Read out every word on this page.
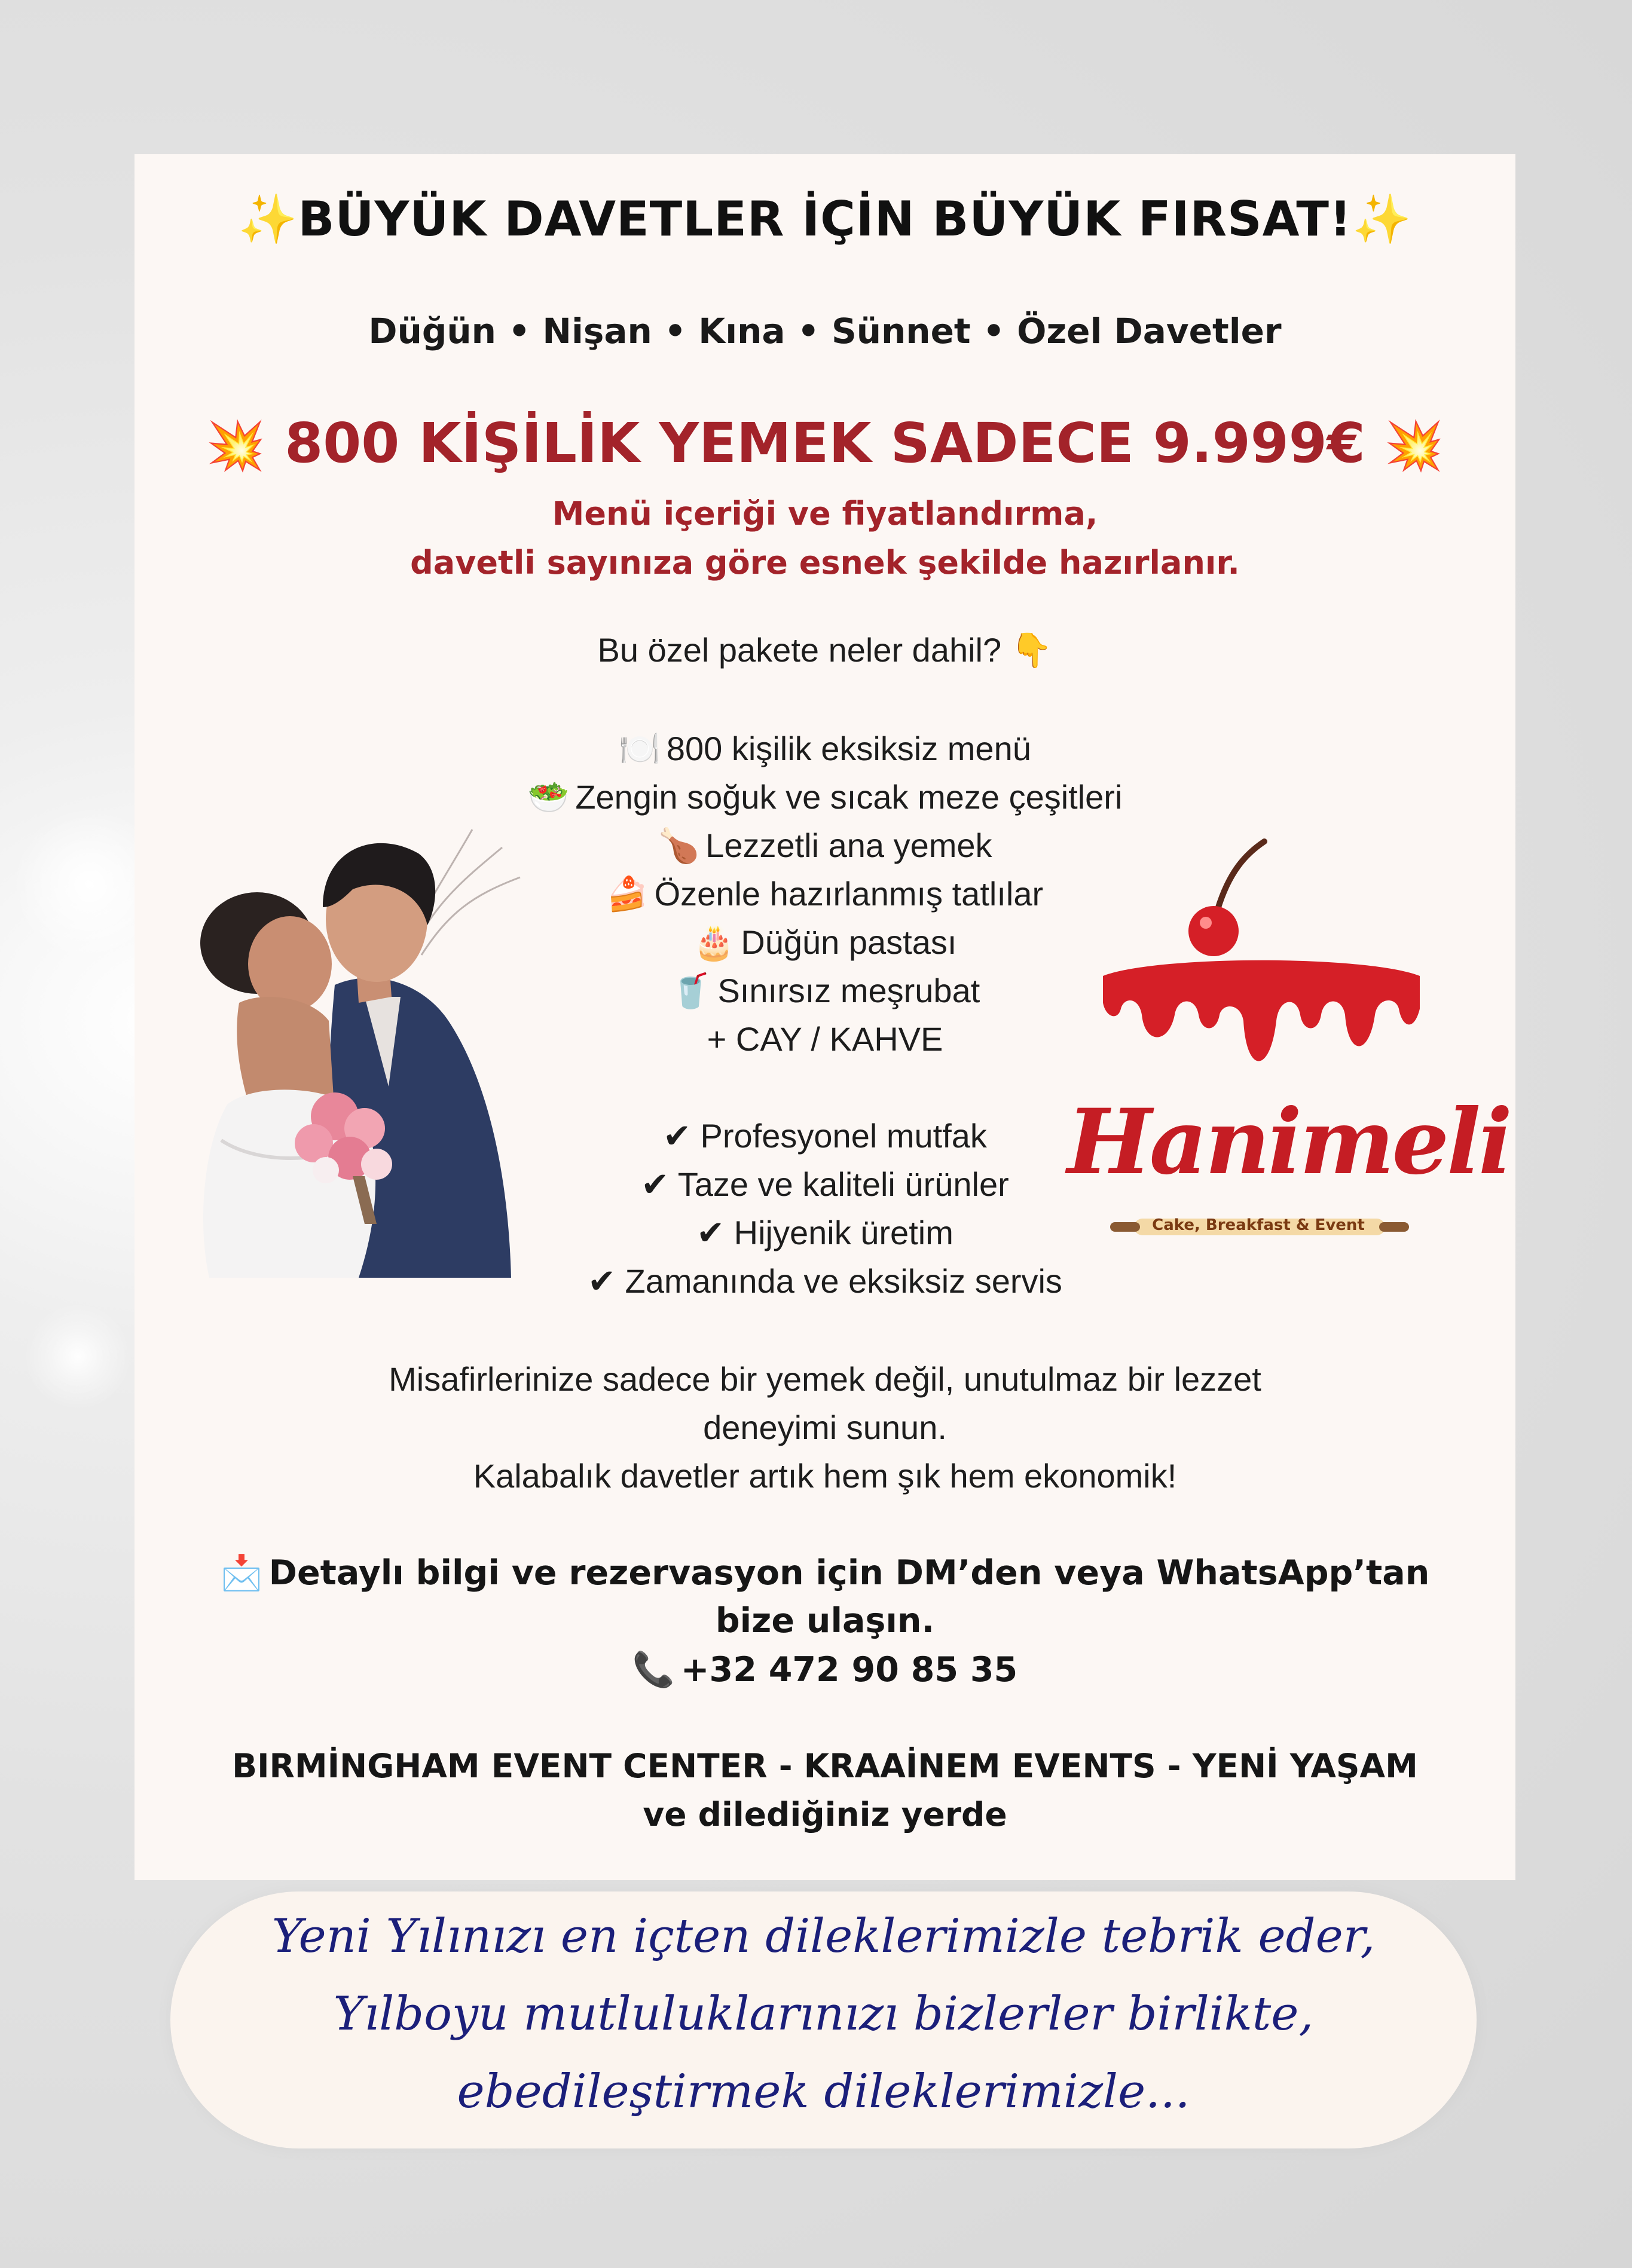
✨BÜYÜK DAVETLER İÇİN BÜYÜK FIRSAT!✨
Düğün • Nişan • Kına • Sünnet • Özel Davetler
💥 800 KİŞİLİK YEMEK SADECE 9.999€ 💥
Menü içeriği ve fiyatlandırma,
davetli sayınıza göre esnek şekilde hazırlanır.
Bu özel pakete neler dahil? 👇
🍽️ 800 kişilik eksiksiz menü
🥗 Zengin soğuk ve sıcak meze çeşitleri
🍗 Lezzetli ana yemek
🍰 Özenle hazırlanmış tatlılar
🎂 Düğün pastası
🥤 Sınırsız meşrubat
+ CAY / KAHVE
✔ Profesyonel mutfak
✔ Taze ve kaliteli ürünler
✔ Hijyenik üretim
✔ Zamanında ve eksiksiz servis
Misafirlerinize sadece bir yemek değil, unutulmaz bir lezzet
deneyimi sunun.
Kalabalık davetler artık hem şık hem ekonomik!
📩 Detaylı bilgi ve rezervasyon için DM’den veya WhatsApp’tan
bize ulaşın.
📞 +32 472 90 85 35
BIRMİNGHAM EVENT CENTER - KRAAİNEM EVENTS - YENİ YAŞAM
ve dilediğiniz yerde
Hanimeli
Cake, Breakfast & Event
Yeni Yılınızı en içten dileklerimizle tebrik eder,
Yılboyu mutluluklarınızı bizlerler birlikte,
ebedileştirmek dileklerimizle...
